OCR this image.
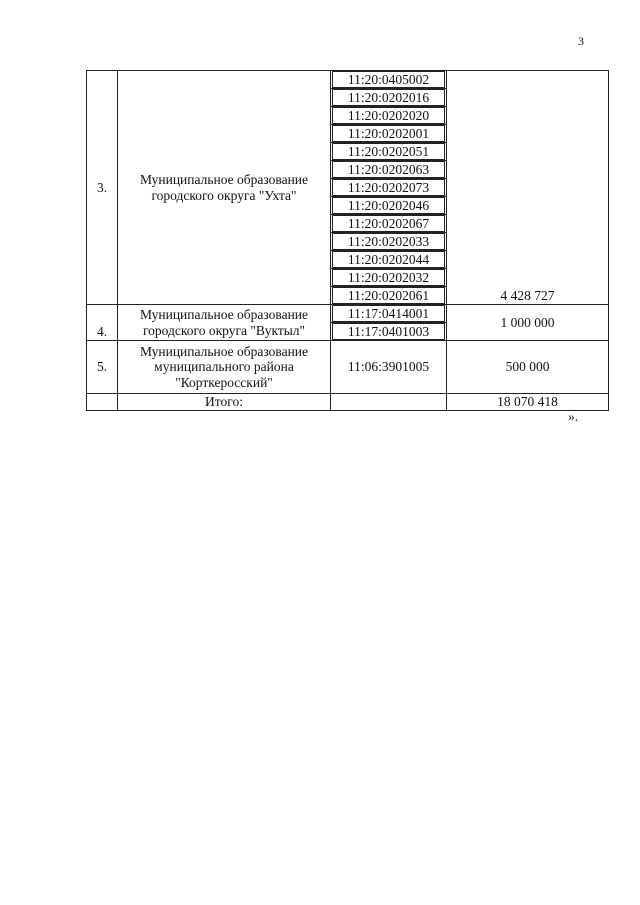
3
3.	Муниципальное образование городского округа "Ухта"	11:20:0405002	4 428 727

		11:20:0202016	

		11:20:0202020	

		11:20:0202001	

		11:20:0202051	

		11:20:0202063	

		11:20:0202073	

		11:20:0202046	

		11:20:0202067	

		11:20:0202033	

		11:20:0202044	

		11:20:0202032	

		11:20:0202061	

4.	Муниципальное образование городского округа "Вуктыл"	11:17:0414001	1 000 000

		11:17:0401003	

5.	Муниципальное образование муниципального района "Корткеросский"	11:06:3901005	500 000
	Итого:		18 070 418
».
